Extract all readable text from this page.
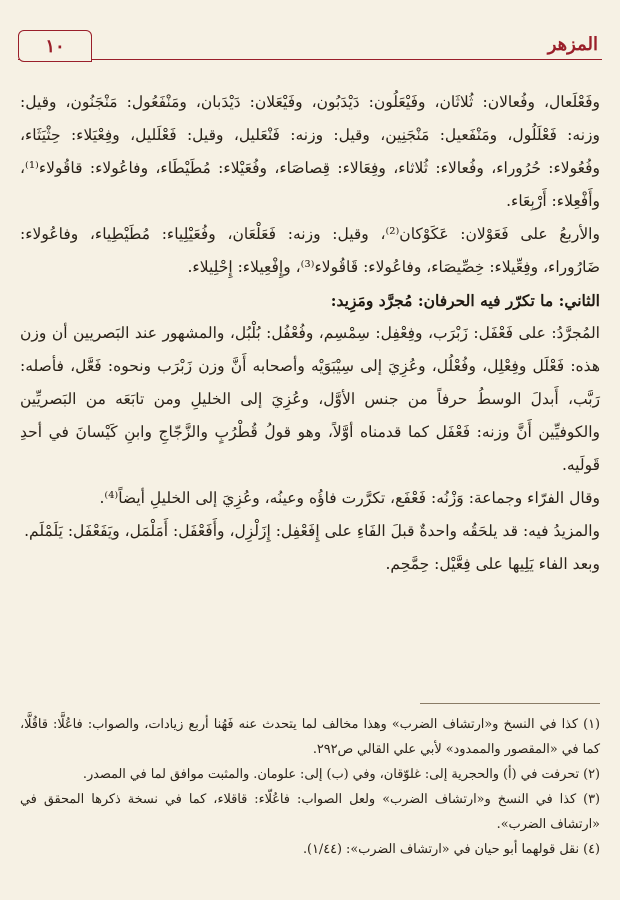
المزهر
١٠

وفَعْلَعال، وفُعالان: ثُلاثَان، وفَيْعَلُون: دَيْدَبُون، وفَيْعَلان: دَيْدَبان، ومَنْفَعُول: مَنْجَنُون، وقيل: وزنه: فَعْلَلُول، ومَنْفَعيل: مَنْجَنِين، وقيل: وزنه: فَنْعَليل، وقيل: فَعْلَليل، وفِعْيَلاء: حِثْيَثَاء، وفُعُولاء: حُرُوراء، وفُعالاء: ثُلاثاء، وفِعَالاء: قِصاصَاء، وفُعَيْلاء: مُطَيْطَاء، وفاعُولاء: قاقُولاء⁽¹⁾، وأَفْعِلاء: أَرْبِعَاء.

والأربعُ على فَعَوْلان: عَكَوْكان⁽²⁾، وقيل: وزنه: فَعَلْعَان، وفُعَيْلِياء: مُطَيْطِياء، وفاعُولاء: ضَارُوراء، وفِعِّيلاء: خِصِّيصَاء، وفاعُولاء: قَاقُولاء⁽³⁾، وإِفْعِيلاء: إِحْلِيلاء.

الثاني: ما تكرّر فيه الحرفان: مُجرَّد ومَزِيد:

المُجرَّدُ: على فَعْفَل: زَبْرَب، وفِعْفِل: سِمْسِم، وفُعْفُل: بُلْبُل، والمشهور عند البَصريين أن وزن هذه: فَعْلَل وفِعْلِل، وفُعْلُل، وعُزِيَ إلى سِيْبَوَيْه وأصحابه أَنَّ وزن زَبْرَب ونحوه: فَعَّل، فأصله: رَبَّب، أَبدلَ الوسطُ حرفاً من جنس الأوَّل، وعُزِيَ إلى الخليلِ ومن تابَعَه من البَصريِّين والكوفيِّين أَنَّ وزنه: فَعْفَل كما قدمناه أوَّلاً، وهو قولُ قُطْرُبٍ والزَّجّاجِ وابنِ كَيْسانَ في أحدِ قَولَيه.

وقال الفرّاء وجماعة: وَزْنُه: فَعْفَع، تكرَّرت فاؤُه وعينُه، وعُزِيَ إلى الخليلِ أيضاً⁽⁴⁾.

والمزيدُ فيه: قد يلحَقُه واحدةٌ قبلَ الفَاءِ على إِفَعْفِل: إِزَلْزِل، وأَفَعْفَل: أَمَلْمَل، ويَفَعْفَل: يَلَمْلَم.

وبعد الفاء يَلِيها على فِعَّيْل: حِمَّحِم.

(١) كذا في النسخ و«ارتشاف الضرب» وهذا مخالف لما يتحدث عنه فَهُنا أربع زيادات، والصواب: فاعُلَّا: قاقُلَّا، كما في «المقصور والممدود» لأبي علي القالي ص٢٩٢.

(٢) تحرفت في (أ) والحجرية إلى: غلوّقان، وفي (ب) إلى: علومان. والمثبت موافق لما في المصدر.

(٣) كذا في النسخ و«ارتشاف الضرب» ولعل الصواب: فاعُلّاء: قاقلاء، كما في نسخة ذكرها المحقق في «ارتشاف الضرب».

(٤) نقل قولهما أبو حيان في «ارتشاف الضرب»: (١/٤٤).
